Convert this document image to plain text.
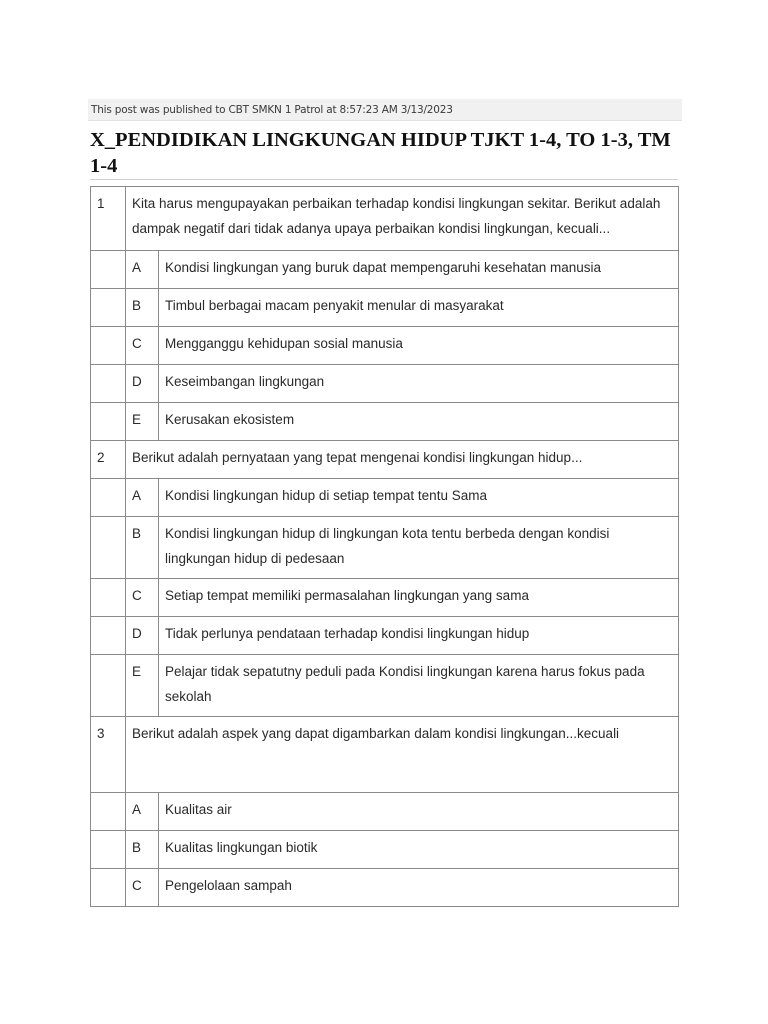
This post was published to CBT SMKN 1 Patrol at 8:57:23 AM 3/13/2023
X_PENDIDIKAN LINGKUNGAN HIDUP TJKT 1-4, TO 1-3, TM 1-4
1	Kita harus mengupayakan perbaikan terhadap kondisi lingkungan sekitar. Berikut adalah dampak negatif dari tidak adanya upaya perbaikan kondisi lingkungan, kecuali...	
	A	Kondisi lingkungan yang buruk dapat mempengaruhi kesehatan manusia
	B	Timbul berbagai macam penyakit menular di masyarakat
	C	Mengganggu kehidupan sosial manusia
	D	Keseimbangan lingkungan
	E	Kerusakan ekosistem
2	Berikut adalah pernyataan yang tepat mengenai kondisi lingkungan hidup...	
	A	Kondisi lingkungan hidup di setiap tempat tentu Sama
	B	Kondisi lingkungan hidup di lingkungan kota tentu berbeda dengan kondisi lingkungan hidup di pedesaan
	C	Setiap tempat memiliki permasalahan lingkungan yang sama
	D	Tidak perlunya pendataan terhadap kondisi lingkungan hidup
	E	Pelajar tidak sepatutny peduli pada Kondisi lingkungan karena harus fokus pada sekolah
3	Berikut adalah aspek yang dapat digambarkan dalam kondisi lingkungan...kecuali	
	A	Kualitas air
	B	Kualitas lingkungan biotik
	C	Pengelolaan sampah
